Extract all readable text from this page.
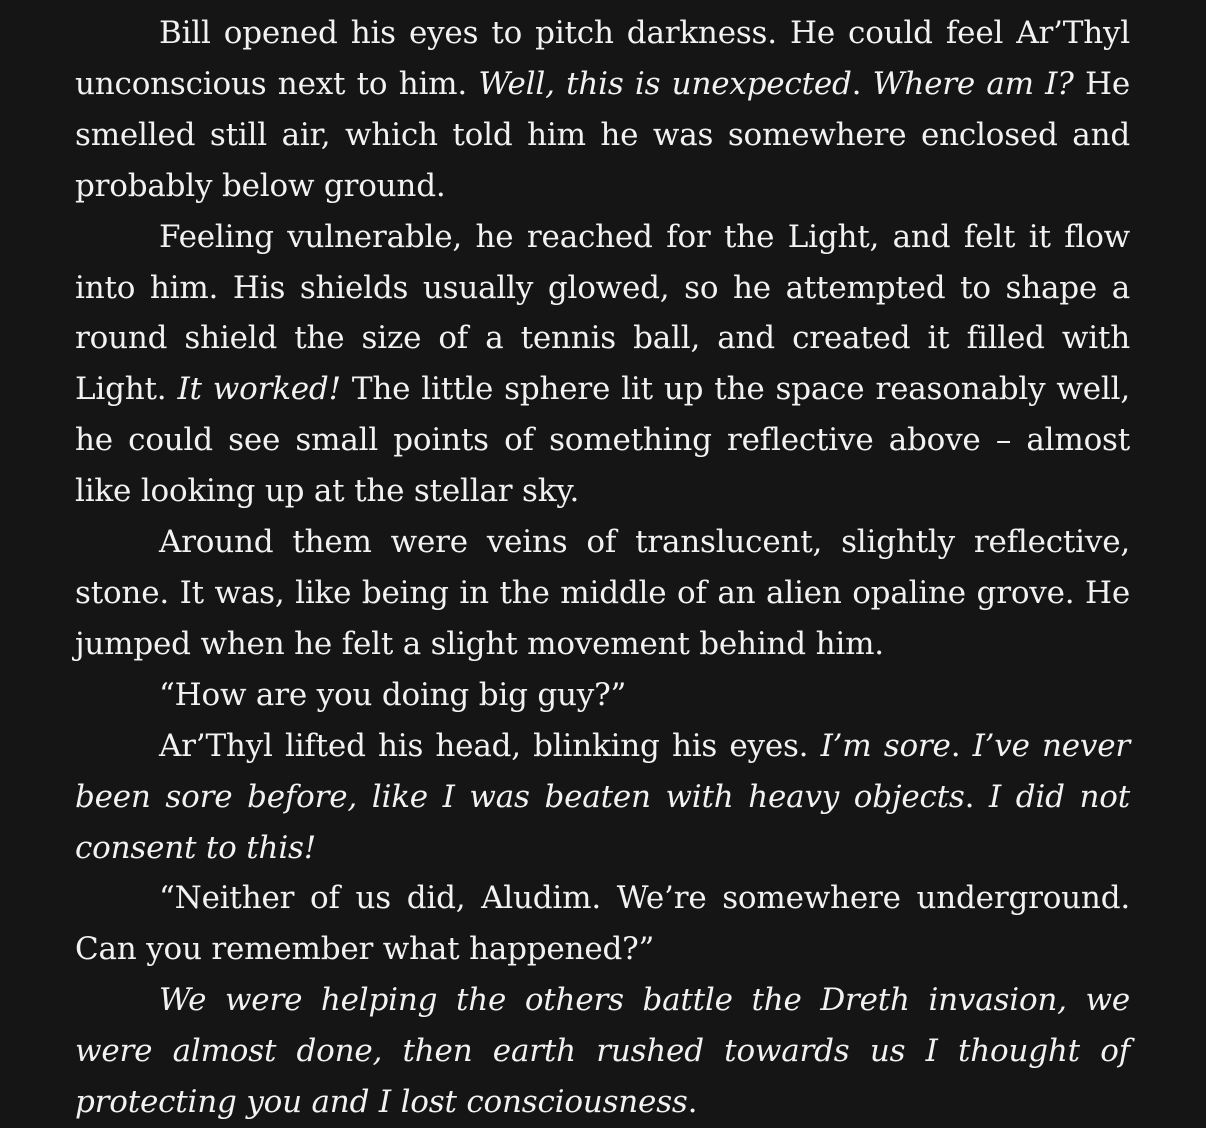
Bill opened his eyes to pitch darkness. He could feel Ar’Thyl unconscious next to him. Well, this is unexpected. Where am I? He smelled still air, which told him he was somewhere enclosed and probably below ground.

Feeling vulnerable, he reached for the Light, and felt it flow into him. His shields usually glowed, so he attempted to shape a round shield the size of a tennis ball, and created it filled with Light. It worked! The little sphere lit up the space reasonably well, he could see small points of something reflective above – almost like looking up at the stellar sky.

Around them were veins of translucent, slightly reflective, stone. It was, like being in the middle of an alien opaline grove. He jumped when he felt a slight movement behind him.

“How are you doing big guy?”

Ar’Thyl lifted his head, blinking his eyes. I’m sore. I’ve never been sore before, like I was beaten with heavy objects. I did not consent to this!

“Neither of us did, Aludim. We’re somewhere underground. Can you remember what happened?”

We were helping the others battle the Dreth invasion, we were almost done, then earth rushed towards us I thought of protecting you and I lost consciousness.
